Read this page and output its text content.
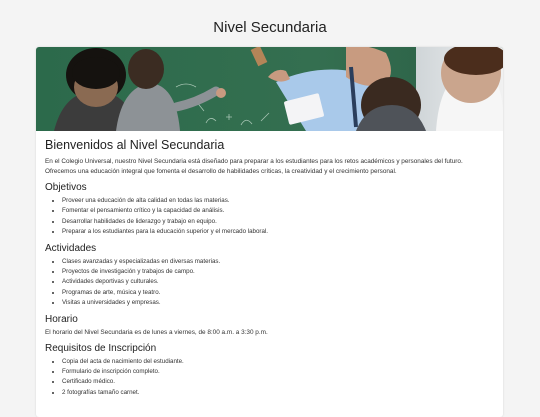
Nivel Secundaria
Bienvenidos al Nivel Secundaria

En el Colegio Universal, nuestro Nivel Secundaria está diseñado para preparar a los estudiantes para los retos académicos y personales del futuro. Ofrecemos una educación integral que fomenta el desarrollo de habilidades críticas, la creatividad y el crecimiento personal.

Objetivos
• Proveer una educación de alta calidad en todas las materias.
• Fomentar el pensamiento crítico y la capacidad de análisis.
• Desarrollar habilidades de liderazgo y trabajo en equipo.
• Preparar a los estudiantes para la educación superior y el mercado laboral.
Actividades
• Clases avanzadas y especializadas en diversas materias.
• Proyectos de investigación y trabajos de campo.
• Actividades deportivas y culturales.
• Programas de arte, música y teatro.
• Visitas a universidades y empresas.
Horario

El horario del Nivel Secundaria es de lunes a viernes, de 8:00 a.m. a 3:30 p.m.

Requisitos de Inscripción
• Copia del acta de nacimiento del estudiante.
• Formulario de inscripción completo.
• Certificado médico.
• 2 fotografías tamaño carnet.
